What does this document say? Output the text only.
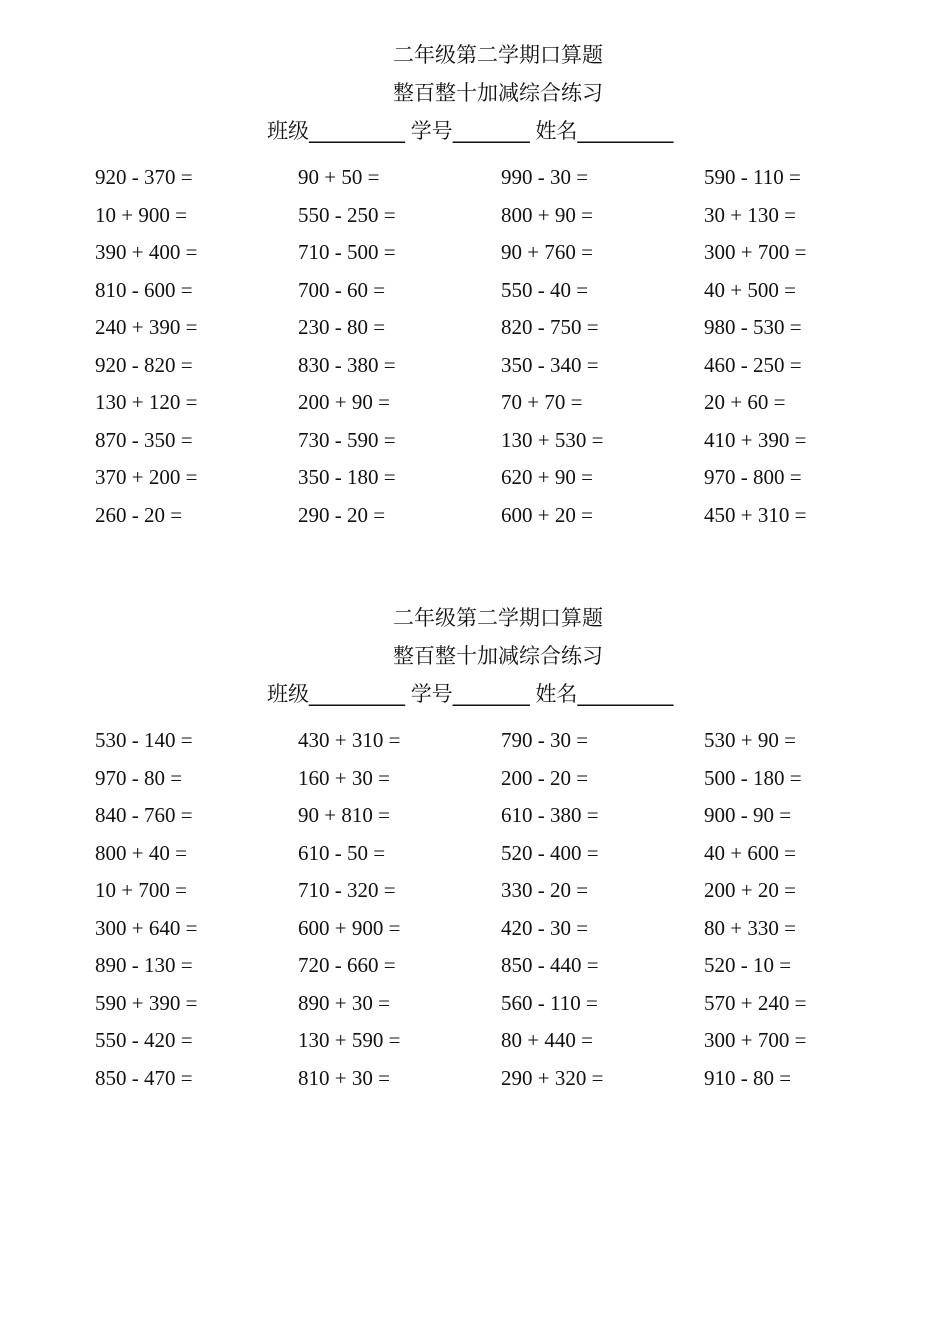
二年级第二学期口算题
整百整十加减综合练习
班级__________ 学号________ 姓名__________
920 - 370 =	90 + 50 =	990 - 30 =	590 - 110 =
10 + 900 =	550 - 250 =	800 + 90 =	30 + 130 =
390 + 400 =	710 - 500 =	90 + 760 =	300 + 700 =
810 - 600 =	700 - 60 =	550 - 40 =	40 + 500 =
240 + 390 =	230 - 80 =	820 - 750 =	980 - 530 =
920 - 820 =	830 - 380 =	350 - 340 =	460 - 250 =
130 + 120 =	200 + 90 =	70 + 70 =	20 + 60 =
870 - 350 =	730 - 590 =	130 + 530 =	410 + 390 =
370 + 200 =	350 - 180 =	620 + 90 =	970 - 800 =
260 - 20 =	290 - 20 =	600 + 20 =	450 + 310 =
二年级第二学期口算题
整百整十加减综合练习
班级__________ 学号________ 姓名__________
530 - 140 =	430 + 310 =	790 - 30 =	530 + 90 =
970 - 80 =	160 + 30 =	200 - 20 =	500 - 180 =
840 - 760 =	90 + 810 =	610 - 380 =	900 - 90 =
800 + 40 =	610 - 50 =	520 - 400 =	40 + 600 =
10 + 700 =	710 - 320 =	330 - 20 =	200 + 20 =
300 + 640 =	600 + 900 =	420 - 30 =	80 + 330 =
890 - 130 =	720 - 660 =	850 - 440 =	520 - 10 =
590 + 390 =	890 + 30 =	560 - 110 =	570 + 240 =
550 - 420 =	130 + 590 =	80 + 440 =	300 + 700 =
850 - 470 =	810 + 30 =	290 + 320 =	910 - 80 =
